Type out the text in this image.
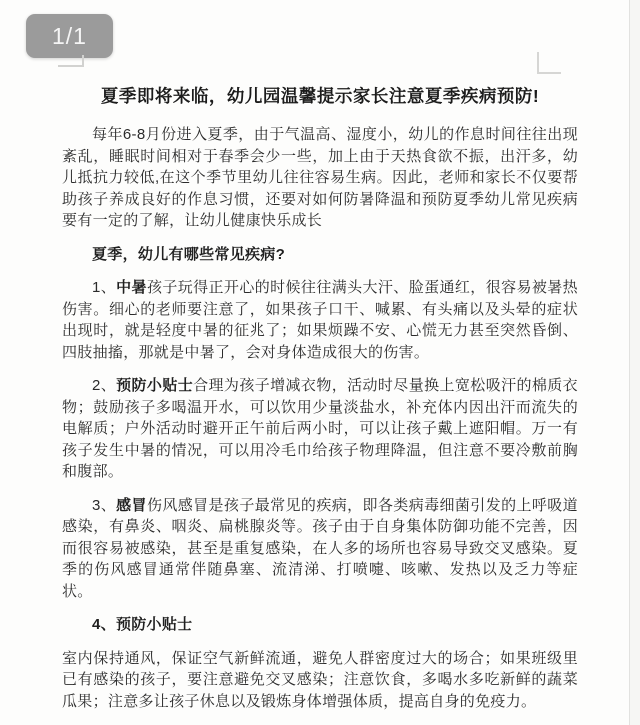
1/1
夏季即将来临，幼儿园温馨提示家长注意夏季疾病预防!

每年6-8月份进入夏季，由于气温高、湿度小，幼儿的作息时间往往出现紊乱，睡眠时间相对于春季会少一些，加上由于天热食欲不振，出汗多，幼儿抵抗力较低,在这个季节里幼儿往往容易生病。因此，老师和家长不仅要帮助孩子养成良好的作息习惯，还要对如何防暑降温和预防夏季幼儿常见疾病要有一定的了解，让幼儿健康快乐成长

夏季，幼儿有哪些常见疾病?

1、中暑孩子玩得正开心的时候往往满头大汗、脸蛋通红，很容易被暑热伤害。细心的老师要注意了，如果孩子口干、喊累、有头痛以及头晕的症状出现时，就是轻度中暑的征兆了；如果烦躁不安、心慌无力甚至突然昏倒、四肢抽搐，那就是中暑了，会对身体造成很大的伤害。

2、预防小贴士合理为孩子增减衣物，活动时尽量换上宽松吸汗的棉质衣物；鼓励孩子多喝温开水，可以饮用少量淡盐水，补充体内因出汗而流失的电解质；户外活动时避开正午前后两小时，可以让孩子戴上遮阳帽。万一有孩子发生中暑的情况，可以用冷毛巾给孩子物理降温，但注意不要冷敷前胸和腹部。

3、感冒伤风感冒是孩子最常见的疾病，即各类病毒细菌引发的上呼吸道感染，有鼻炎、咽炎、扁桃腺炎等。孩子由于自身集体防御功能不完善，因而很容易被感染，甚至是重复感染，在人多的场所也容易导致交叉感染。夏季的伤风感冒通常伴随鼻塞、流清涕、打喷嚏、咳嗽、发热以及乏力等症状。

4、预防小贴士

室内保持通风，保证空气新鲜流通，避免人群密度过大的场合；如果班级里已有感染的孩子，要注意避免交叉感染；注意饮食，多喝水多吃新鲜的蔬菜瓜果；注意多让孩子休息以及锻炼身体增强体质，提高自身的免疫力。
